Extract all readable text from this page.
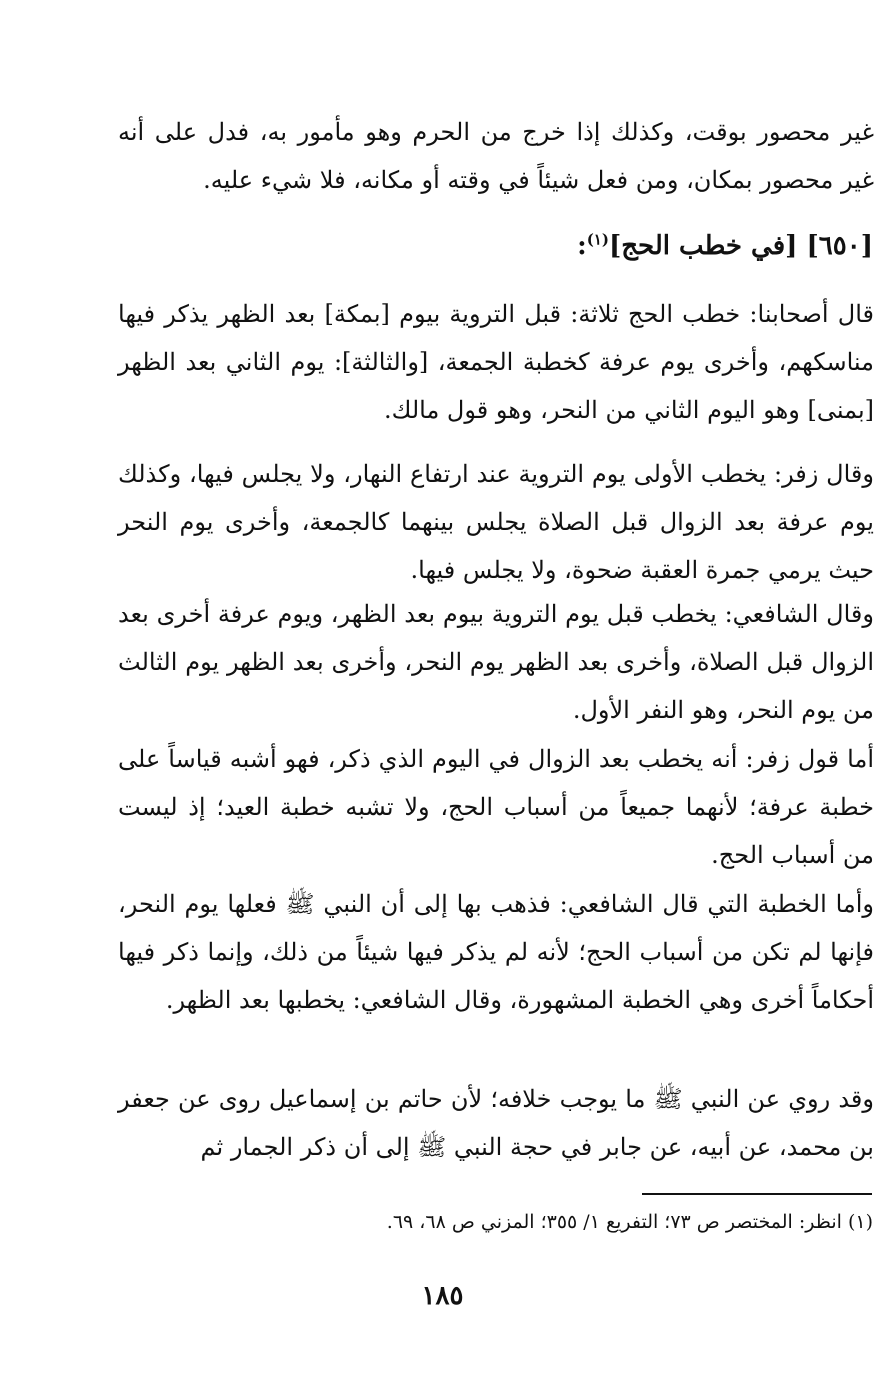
غير محصور بوقت، وكذلك إذا خرج من الحرم وهو مأمور به، فدل على أنه غير محصور بمكان، ومن فعل شيئاً في وقته أو مكانه، فلا شيء عليه.

[٦٥٠] [في خطب الحج]$^{(١)}$:

قال أصحابنا: خطب الحج ثلاثة: قبل التروية بيوم [بمكة] بعد الظهر يذكر فيها مناسكهم، وأخرى يوم عرفة كخطبة الجمعة، [والثالثة]: يوم الثاني بعد الظهر [بمنى] وهو اليوم الثاني من النحر، وهو قول مالك.

وقال زفر: يخطب الأولى يوم التروية عند ارتفاع النهار، ولا يجلس فيها، وكذلك يوم عرفة بعد الزوال قبل الصلاة يجلس بينهما كالجمعة، وأخرى يوم النحر حيث يرمي جمرة العقبة ضحوة، ولا يجلس فيها.

وقال الشافعي: يخطب قبل يوم التروية بيوم بعد الظهر، ويوم عرفة أخرى بعد الزوال قبل الصلاة، وأخرى بعد الظهر يوم النحر، وأخرى بعد الظهر يوم الثالث من يوم النحر، وهو النفر الأول.

أما قول زفر: أنه يخطب بعد الزوال في اليوم الذي ذكر، فهو أشبه قياساً على خطبة عرفة؛ لأنهما جميعاً من أسباب الحج، ولا تشبه خطبة العيد؛ إذ ليست من أسباب الحج.

وأما الخطبة التي قال الشافعي: فذهب بها إلى أن النبي ﷺ فعلها يوم النحر، فإنها لم تكن من أسباب الحج؛ لأنه لم يذكر فيها شيئاً من ذلك، وإنما ذكر فيها أحكاماً أخرى وهي الخطبة المشهورة، وقال الشافعي: يخطبها بعد الظهر.

وقد روي عن النبي ﷺ ما يوجب خلافه؛ لأن حاتم بن إسماعيل روى عن جعفر بن محمد، عن أبيه، عن جابر في حجة النبي ﷺ إلى أن ذكر الجمار ثم

(١) انظر: المختصر ص ٧٣؛ التفريع ١/ ٣٥٥؛ المزني ص ٦٨، ٦٩.

١٨٥
